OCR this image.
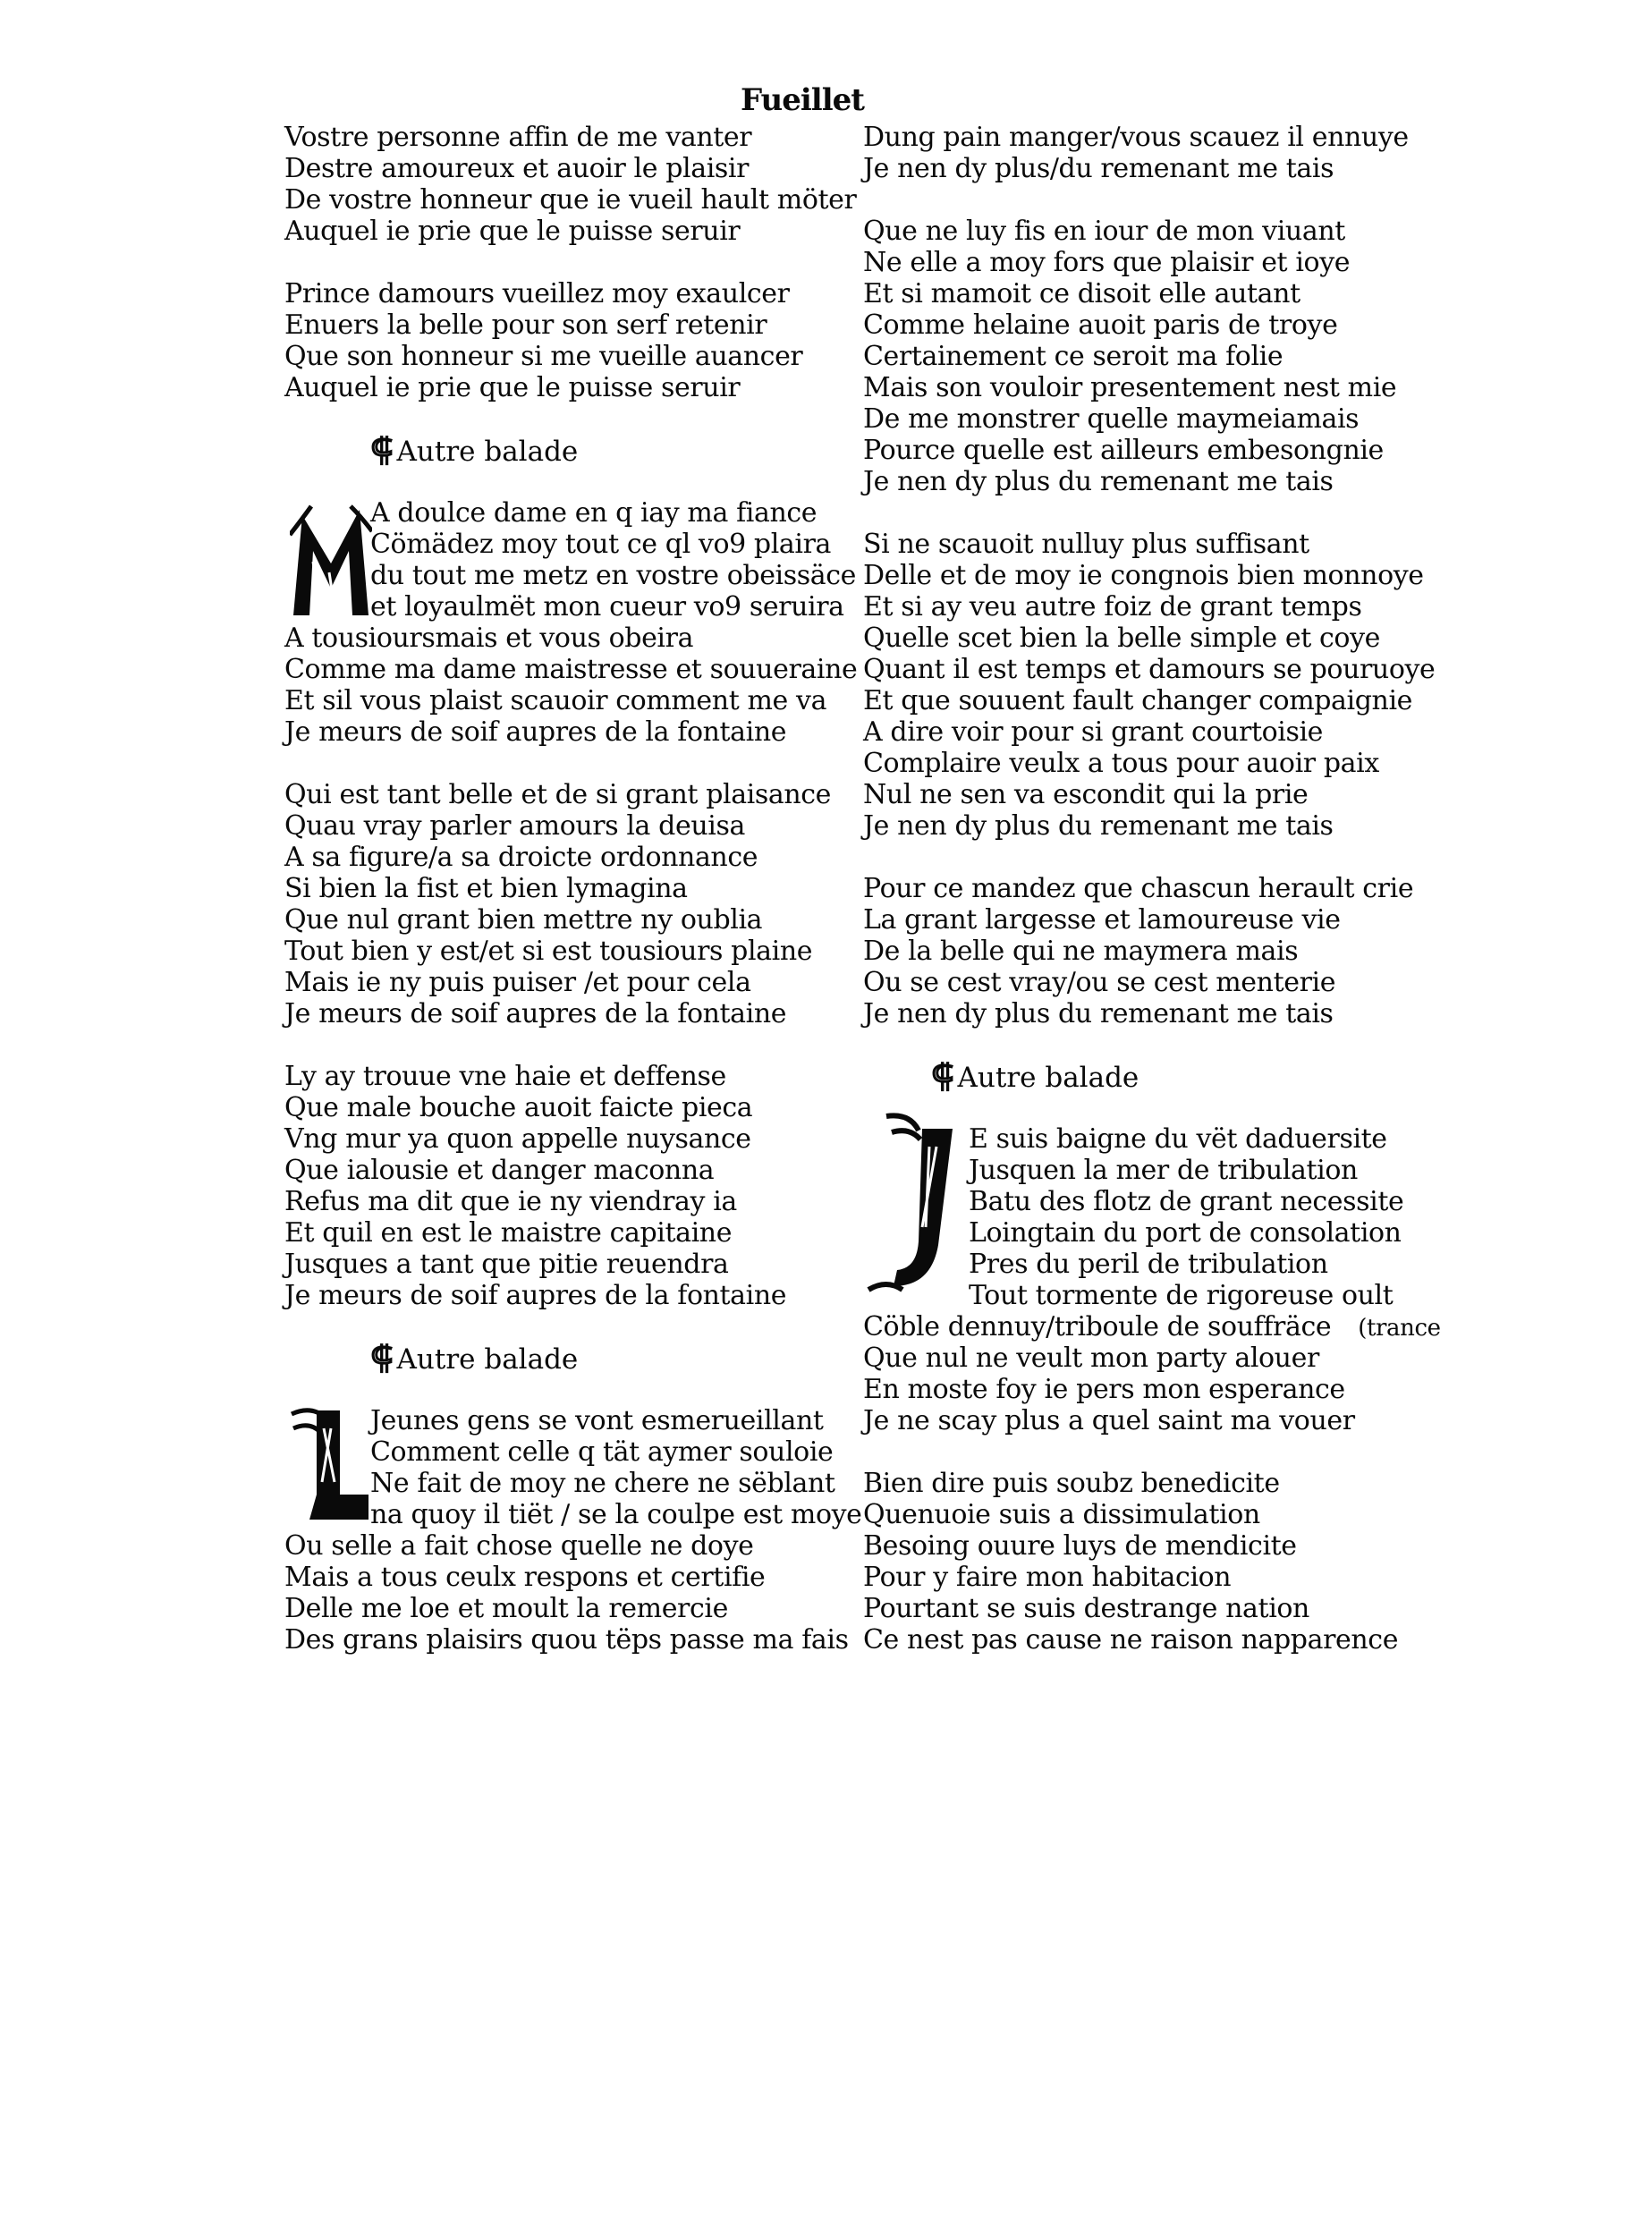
Fueillet
Vostre personne affin de me vanter
Destre amoureux et auoir le plaisir
De vostre honneur que ie vueil hault möter
Auquel ie prie que le puisse seruir
Prince damours vueillez moy exaulcer
Enuers la belle pour son serf retenir
Que son honneur si me vueille auancer
Auquel ie prie que le puisse seruir
⸿ Autre balade
A doulce dame en q iay ma fiance
Cömädez moy tout ce ql vo9 plaira
du tout me metz en vostre obeissäce
et loyaulmët mon cueur vo9 seruira
A tousioursmais et vous obeira
Comme ma dame maistresse et souueraine
Et sil vous plaist scauoir comment me va
Je meurs de soif aupres de la fontaine
Qui est tant belle et de si grant plaisance
Quau vray parler amours la deuisa
A sa figure/a sa droicte ordonnance
Si bien la fist et bien lymagina
Que nul grant bien mettre ny oublia
Tout bien y est/et si est tousiours plaine
Mais ie ny puis puiser /et pour cela
Je meurs de soif aupres de la fontaine
Ly ay trouue vne haie et deffense
Que male bouche auoit faicte pieca
Vng mur ya quon appelle nuysance
Que ialousie et danger maconna
Refus ma dit que ie ny viendray ia
Et quil en est le maistre capitaine
Jusques a tant que pitie reuendra
Je meurs de soif aupres de la fontaine
⸿ Autre balade
Jeunes gens se vont esmerueillant
Comment celle q tät aymer souloie
Ne fait de moy ne chere ne sëblant
na quoy il tiët / se la coulpe est moye
Ou selle a fait chose quelle ne doye
Mais a tous ceulx respons et certifie
Delle me loe et moult la remercie
Des grans plaisirs quou tëps passe ma fais
Dung pain manger/vous scauez il ennuye
Je nen dy plus/du remenant me tais
Que ne luy fis en iour de mon viuant
Ne elle a moy fors que plaisir et ioye
Et si mamoit ce disoit elle autant
Comme helaine auoit paris de troye
Certainement ce seroit ma folie
Mais son vouloir presentement nest mie
De me monstrer quelle maymeiamais
Pource quelle est ailleurs embesongnie
Je nen dy plus du remenant me tais
Si ne scauoit nulluy plus suffisant
Delle et de moy ie congnois bien monnoye
Et si ay veu autre foiz de grant temps
Quelle scet bien la belle simple et coye
Quant il est temps et damours se pouruoye
Et que souuent fault changer compaignie
A dire voir pour si grant courtoisie
Complaire veulx a tous pour auoir paix
Nul ne sen va escondit qui la prie
Je nen dy plus du remenant me tais
Pour ce mandez que chascun herault crie
La grant largesse et lamoureuse vie
De la belle qui ne maymera mais
Ou se cest vray/ou se cest menterie
Je nen dy plus du remenant me tais
⸿ Autre balade
E suis baigne du vët daduersite
Jusquen la mer de tribulation
Batu des flotz de grant necessite
Loingtain du port de consolation
Pres du peril de tribulation
Tout tormente de rigoreuse oult
Cöble dennuy/triboule de souffräce (trance
Que nul ne veult mon party alouer
En moste foy ie pers mon esperance
Je ne scay plus a quel saint ma vouer
Bien dire puis soubz benedicite
Quenuoie suis a dissimulation
Besoing ouure luys de mendicite
Pour y faire mon habitacion
Pourtant se suis destrange nation
Ce nest pas cause ne raison napparence
